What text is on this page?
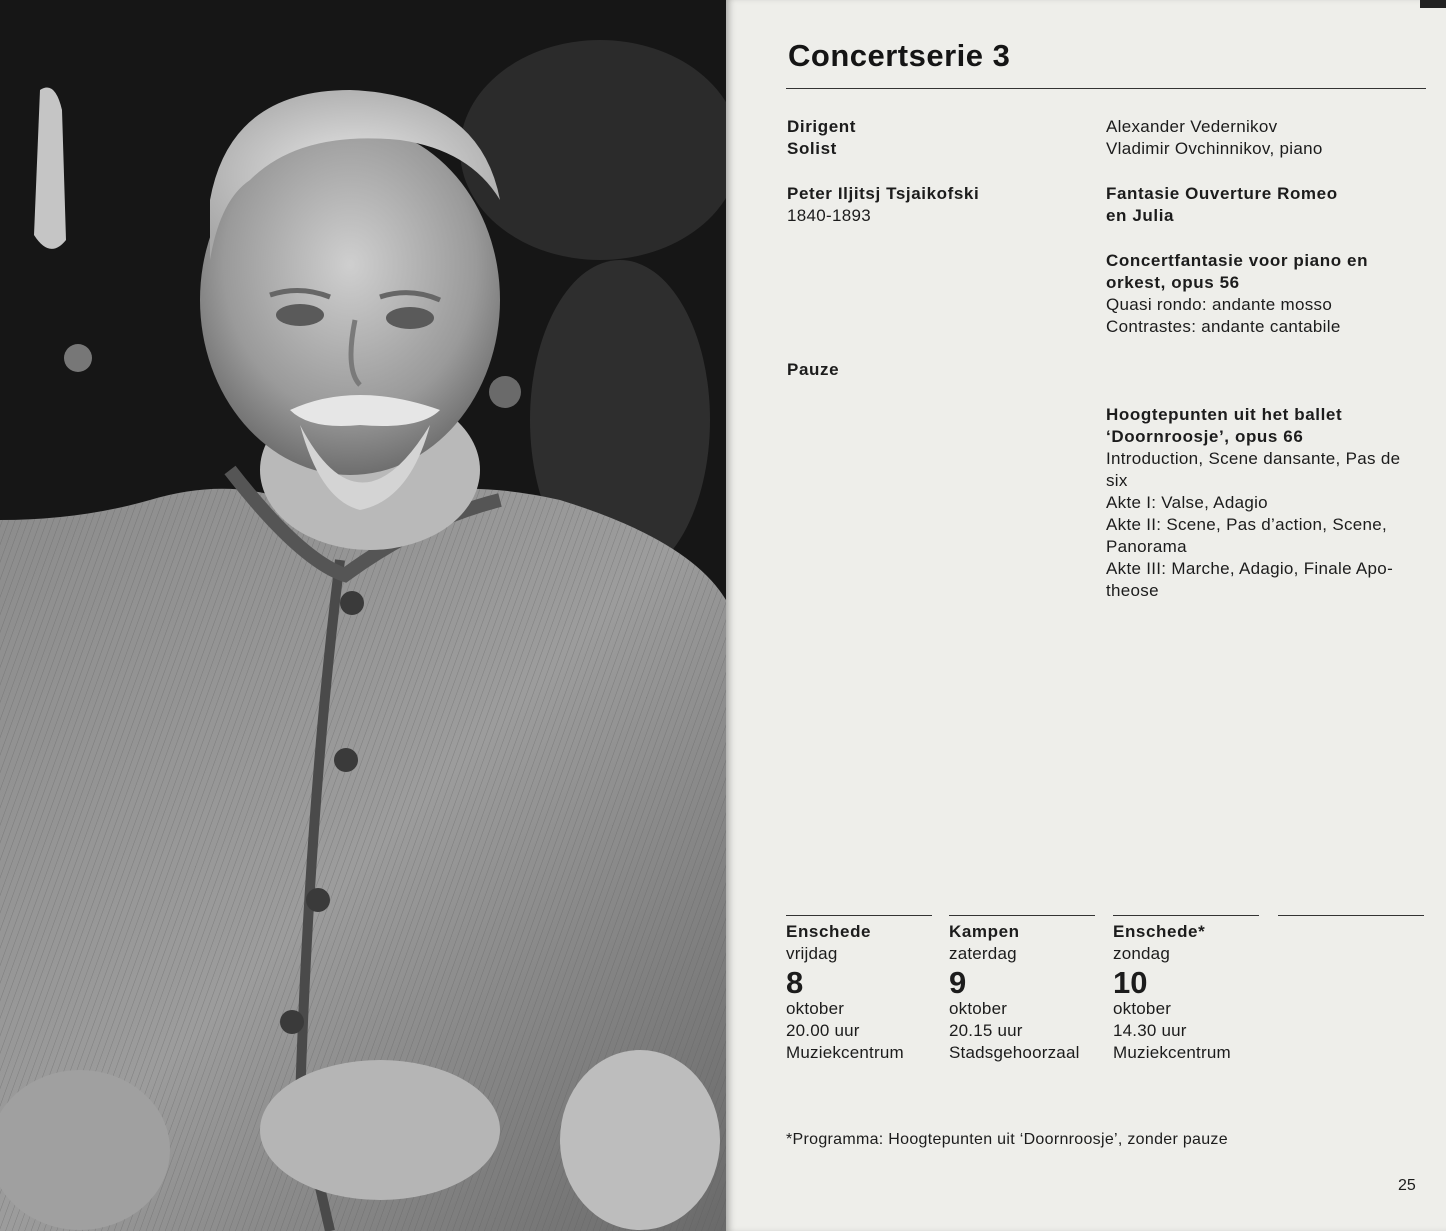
Concertserie 3
Dirigent
Solist
Alexander Vedernikov
Vladimir Ovchinnikov, piano
Peter Iljitsj Tsjaikofski
1840-1893
Fantasie Ouverture Romeo
en Julia
Concertfantasie voor piano en
orkest, opus 56
Quasi rondo: andante mosso
Contrastes: andante cantabile
Pauze
Hoogtepunten uit het ballet
‘Doornroosje’, opus 66
Introduction, Scene dansante, Pas de
six
Akte I: Valse, Adagio
Akte II: Scene, Pas d’action, Scene,
Panorama
Akte III: Marche, Adagio, Finale Apo-
theose
Enschede
vrijdag
8
oktober
20.00 uur
Muziekcentrum
Kampen
zaterdag
9
oktober
20.15 uur
Stadsgehoorzaal
Enschede*
zondag
10
oktober
14.30 uur
Muziekcentrum
*Programma: Hoogtepunten uit ‘Doornroosje’, zonder pauze
25
